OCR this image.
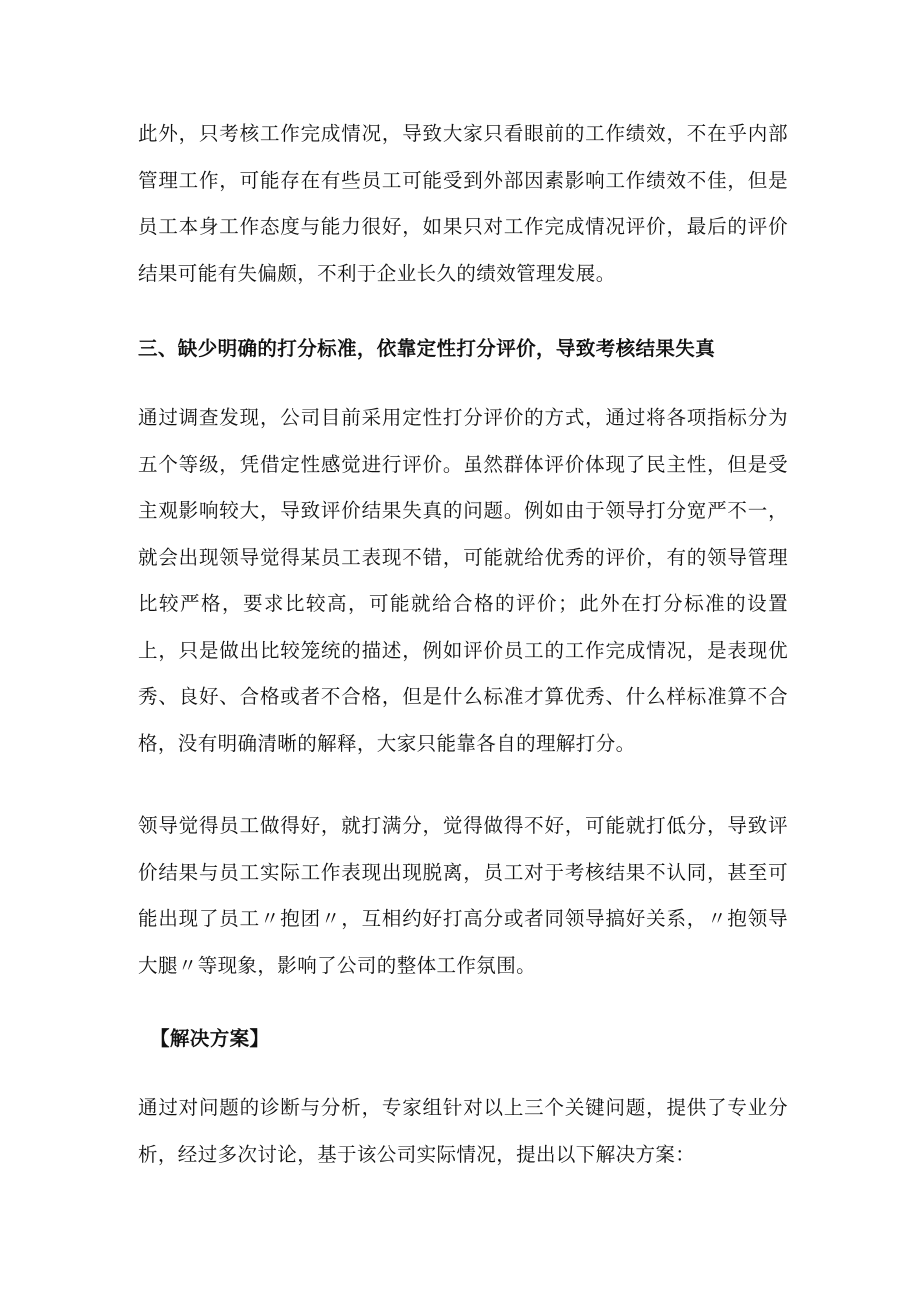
此外，只考核工作完成情况，导致大家只看眼前的工作绩效，不在乎内部管理工作，可能存在有些员工可能受到外部因素影响工作绩效不佳，但是员工本身工作态度与能力很好，如果只对工作完成情况评价，最后的评价结果可能有失偏颇，不利于企业长久的绩效管理发展。

三、缺少明确的打分标准，依靠定性打分评价，导致考核结果失真

通过调查发现，公司目前采用定性打分评价的方式，通过将各项指标分为五个等级，凭借定性感觉进行评价。虽然群体评价体现了民主性，但是受主观影响较大，导致评价结果失真的问题。例如由于领导打分宽严不一，就会出现领导觉得某员工表现不错，可能就给优秀的评价，有的领导管理比较严格，要求比较高，可能就给合格的评价；此外在打分标准的设置上，只是做出比较笼统的描述，例如评价员工的工作完成情况，是表现优秀、良好、合格或者不合格，但是什么标准才算优秀、什么样标准算不合格，没有明确清晰的解释，大家只能靠各自的理解打分。

领导觉得员工做得好，就打满分，觉得做得不好，可能就打低分，导致评价结果与员工实际工作表现出现脱离，员工对于考核结果不认同，甚至可能出现了员工〃抱团〃，互相约好打高分或者同领导搞好关系，〃抱领导大腿〃等现象，影响了公司的整体工作氛围。

【解决方案】

通过对问题的诊断与分析，专家组针对以上三个关键问题，提供了专业分析，经过多次讨论，基于该公司实际情况，提出以下解决方案：
